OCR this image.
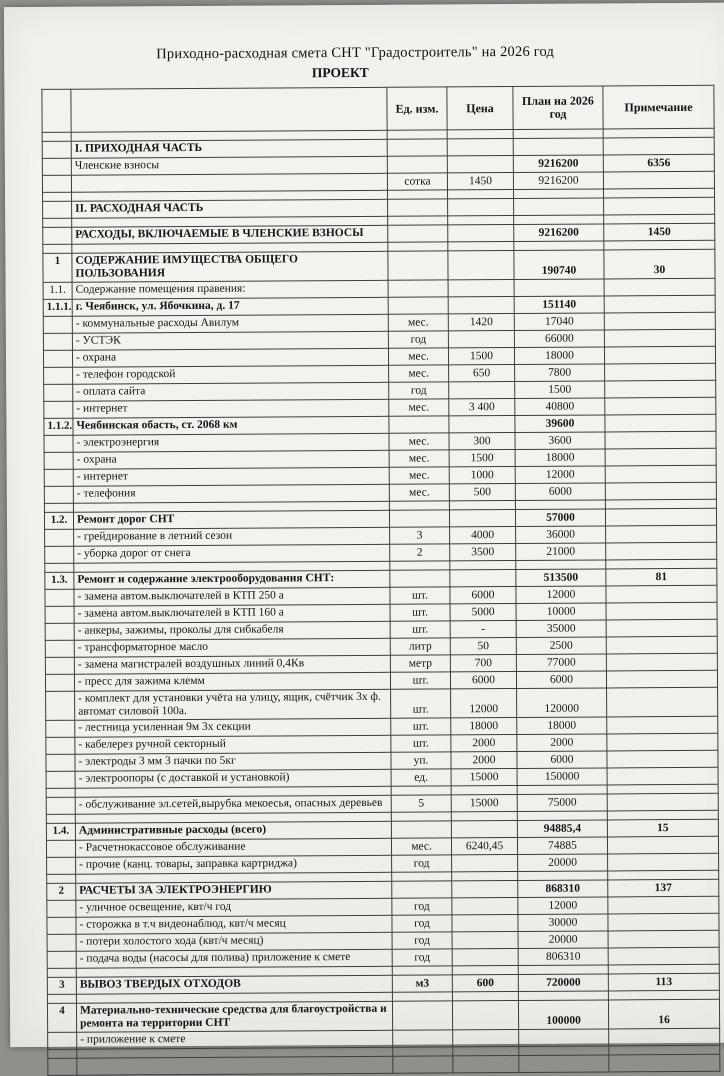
Приходно-расходная смета СНТ "Градостроитель" на 2026 год
ПРОЕКТ
		Ед. изм.	Цена	План на 2026 год	Примечание

	I. ПРИХОДНАЯ ЧАСТЬ				
	Членские взносы			9216200	6356
		сотка	1450	9216200	

	II. РАСХОДНАЯ ЧАСТЬ				

	РАСХОДЫ, ВКЛЮЧАЕМЫЕ В ЧЛЕНСКИЕ ВЗНОСЫ			9216200	1450

1	СОДЕРЖАНИЕ ИМУЩЕСТВА ОБЩЕГО ПОЛЬЗОВАНИЯ			190740	30
1.1.	Содержание помещения правения:				
1.1.1.	г. Чеябинск, ул. Ябочкина, д. 17			151140	
	- коммунальные расходы Авилум	мес.	1420	17040	
	- УСТЭК	год		66000	
	- охрана	мес.	1500	18000	
	- телефон городской	мес.	650	7800	
	- оплата сайта	год		1500	
	- интернет	мес.	3 400	40800	
1.1.2.	Чеябинская обасть, ст. 2068 км			39600	
	- электроэнергия	мес.	300	3600	
	- охрана	мес.	1500	18000	
	- интернет	мес.	1000	12000	
	- телефония	мес.	500	6000	

1.2.	Ремонт дорог СНТ			57000	
	- грейдирование в летний сезон	3	4000	36000	
	- уборка дорог от снега	2	3500	21000	

1.3.	Ремонт и содержание электрооборудования СНТ:			513500	81
	- замена автом.выключателей в КТП 250 а	шт.	6000	12000	
	- замена автом.выключателей в КТП 160 а	шт.	5000	10000	
	- анкеры, зажимы, проколы для сибкабеля	шт.	-	35000	
	- трансформаторное масло	литр	50	2500	
	- замена магистралей воздушных линий 0,4Кв	метр	700	77000	
	- пресс для зажима клемм	шт.	6000	6000	
	- комплект для установки учёта на улицу, ящик, счётчик 3х ф. автомат силовой 100а.	шт.	12000	120000	
	- лестница усиленная 9м 3х секции	шт.	18000	18000	
	- кабелерез ручной секторный	шт.	2000	2000	
	- электроды 3 мм 3 пачки по 5кг	уп.	2000	6000	
	- электроопоры (с доставкой и установкой)	ед.	15000	150000	

	- обслуживание эл.сетей,вырубка мекоесья, опасных деревьев	5	15000	75000	

1.4.	Административные расходы (всего)			94885,4	15
	- Расчетнокассовое обслуживание	мес.	6240,45	74885	
	- прочие (канц. товары, заправка картриджа)	год		20000	

2	РАСЧЕТЫ ЗА ЭЛЕКТРОЭНЕРГИЮ			868310	137
	- уличное освещение, квт/ч год	год		12000	
	- сторожка в т.ч видеонаблюд, квт/ч месяц	год		30000	
	- потери холостого хода (квт/ч месяц)	год		20000	
	- подача воды (насосы для полива) приложение к смете	год		806310	

3	ВЫВОЗ ТВЕРДЫХ ОТХОДОВ	м3	600	720000	113

4	Материально-технические средства для благоустройства и ремонта на территории СНТ			100000	16
	- приложение к смете				
